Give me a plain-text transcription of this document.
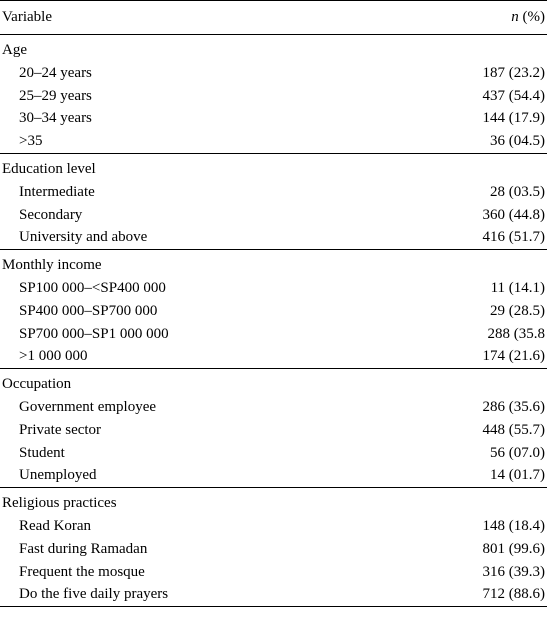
Variable	n (%)
Age	
20–24 years	187 (23.2)
25–29 years	437 (54.4)
30–34 years	144 (17.9)
>35	36 (04.5)
Education level	
Intermediate	28 (03.5)
Secondary	360 (44.8)
University and above	416 (51.7)
Monthly income	
SP100 000–<SP400 000	11 (14.1)
SP400 000–SP700 000	29 (28.5)
SP700 000–SP1 000 000	288 (35.8
>1 000 000	174 (21.6)
Occupation	
Government employee	286 (35.6)
Private sector	448 (55.7)
Student	56 (07.0)
Unemployed	14 (01.7)
Religious practices	
Read Koran	148 (18.4)
Fast during Ramadan	801 (99.6)
Frequent the mosque	316 (39.3)
Do the five daily prayers	712 (88.6)
